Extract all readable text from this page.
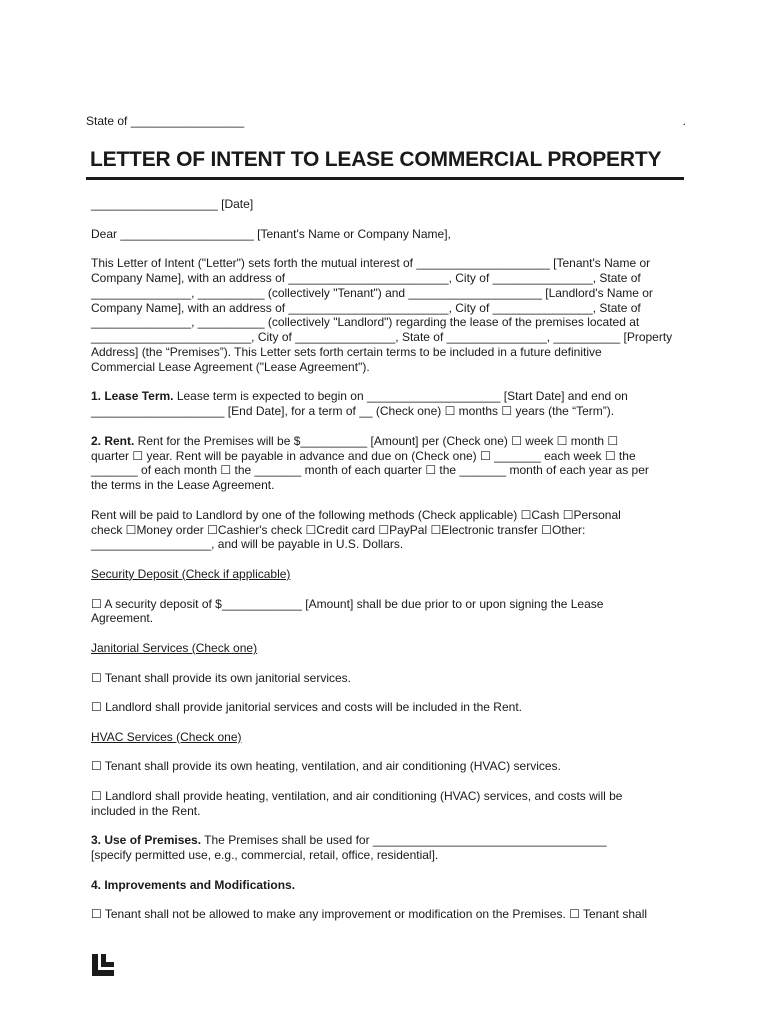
State of _________________	.
LETTER OF INTENT TO LEASE COMMERCIAL PROPERTY

___________________ [Date]

Dear ____________________ [Tenant's Name or Company Name],

This Letter of Intent ("Letter") sets forth the mutual interest of ____________________ [Tenant's Name or
Company Name], with an address of ________________________, City of _______________, State of
_______________, __________ (collectively "Tenant") and ____________________ [Landlord's Name or
Company Name], with an address of ________________________, City of _______________, State of
_______________, __________ (collectively "Landlord") regarding the lease of the premises located at
________________________, City of _______________, State of _______________, __________ [Property
Address] (the “Premises”). This Letter sets forth certain terms to be included in a future definitive
Commercial Lease Agreement ("Lease Agreement").

1. Lease Term. Lease term is expected to begin on ____________________ [Start Date] and end on
____________________ [End Date], for a term of __ (Check one) ☐ months ☐ years (the “Term”).

2. Rent. Rent for the Premises will be $__________ [Amount] per (Check one) ☐ week ☐ month ☐
quarter ☐ year. Rent will be payable in advance and due on (Check one) ☐ _______ each week ☐ the
_______ of each month ☐ the _______ month of each quarter ☐ the _______ month of each year as per
the terms in the Lease Agreement.

Rent will be paid to Landlord by one of the following methods (Check applicable) ☐Cash ☐Personal
check ☐Money order ☐Cashier's check ☐Credit card ☐PayPal ☐Electronic transfer ☐Other:
__________________, and will be payable in U.S. Dollars.

Security Deposit (Check if applicable)

☐ A security deposit of $____________ [Amount] shall be due prior to or upon signing the Lease
Agreement.

Janitorial Services (Check one)

☐ Tenant shall provide its own janitorial services.

☐ Landlord shall provide janitorial services and costs will be included in the Rent.

HVAC Services (Check one)

☐ Tenant shall provide its own heating, ventilation, and air conditioning (HVAC) services.

☐ Landlord shall provide heating, ventilation, and air conditioning (HVAC) services, and costs will be
included in the Rent.

3. Use of Premises. The Premises shall be used for ___________________________________
[specify permitted use, e.g., commercial, retail, office, residential].

4. Improvements and Modifications.

☐ Tenant shall not be allowed to make any improvement or modification on the Premises. ☐ Tenant shall
